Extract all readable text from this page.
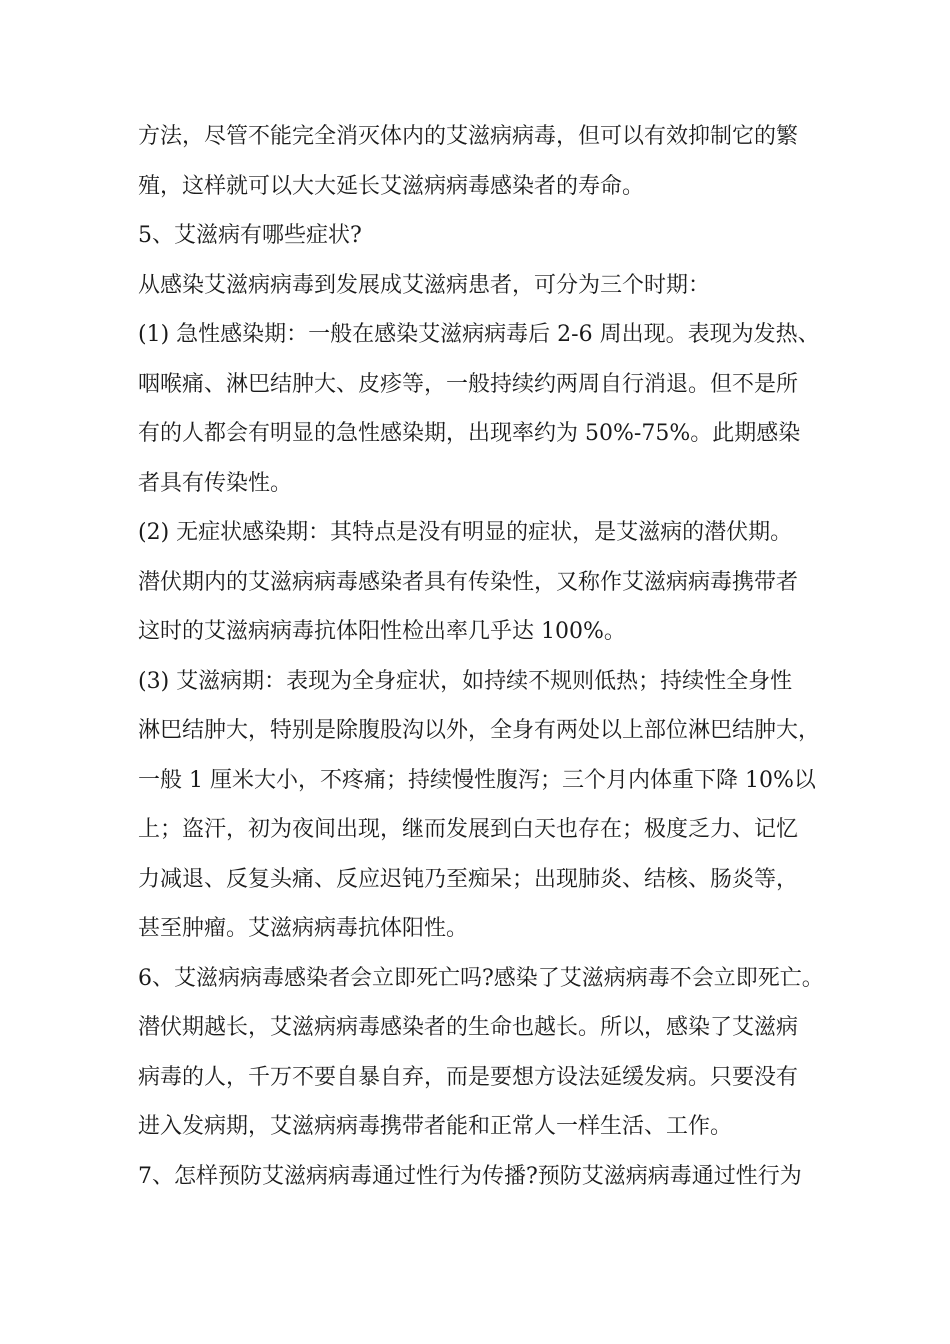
方法，尽管不能完全消灭体内的艾滋病病毒，但可以有效抑制它的繁
殖，这样就可以大大延长艾滋病病毒感染者的寿命。
5、艾滋病有哪些症状?
从感染艾滋病病毒到发展成艾滋病患者，可分为三个时期：
(1) 急性感染期：一般在感染艾滋病病毒后 2-6 周出现。表现为发热、
咽喉痛、淋巴结肿大、皮疹等，一般持续约两周自行消退。但不是所
有的人都会有明显的急性感染期，出现率约为 50%-75%。此期感染
者具有传染性。
(2) 无症状感染期：其特点是没有明显的症状，是艾滋病的潜伏期。
潜伏期内的艾滋病病毒感染者具有传染性，又称作艾滋病病毒携带者
这时的艾滋病病毒抗体阳性检出率几乎达 100%。
(3) 艾滋病期：表现为全身症状，如持续不规则低热；持续性全身性
淋巴结肿大，特别是除腹股沟以外，全身有两处以上部位淋巴结肿大，
一般 1 厘米大小，不疼痛；持续慢性腹泻；三个月内体重下降 10%以
上；盗汗，初为夜间出现，继而发展到白天也存在；极度乏力、记忆
力减退、反复头痛、反应迟钝乃至痴呆；出现肺炎、结核、肠炎等，
甚至肿瘤。艾滋病病毒抗体阳性。
6、艾滋病病毒感染者会立即死亡吗?感染了艾滋病病毒不会立即死亡。
潜伏期越长，艾滋病病毒感染者的生命也越长。所以，感染了艾滋病
病毒的人，千万不要自暴自弃，而是要想方设法延缓发病。只要没有
进入发病期，艾滋病病毒携带者能和正常人一样生活、工作。
7、怎样预防艾滋病病毒通过性行为传播?预防艾滋病病毒通过性行为
